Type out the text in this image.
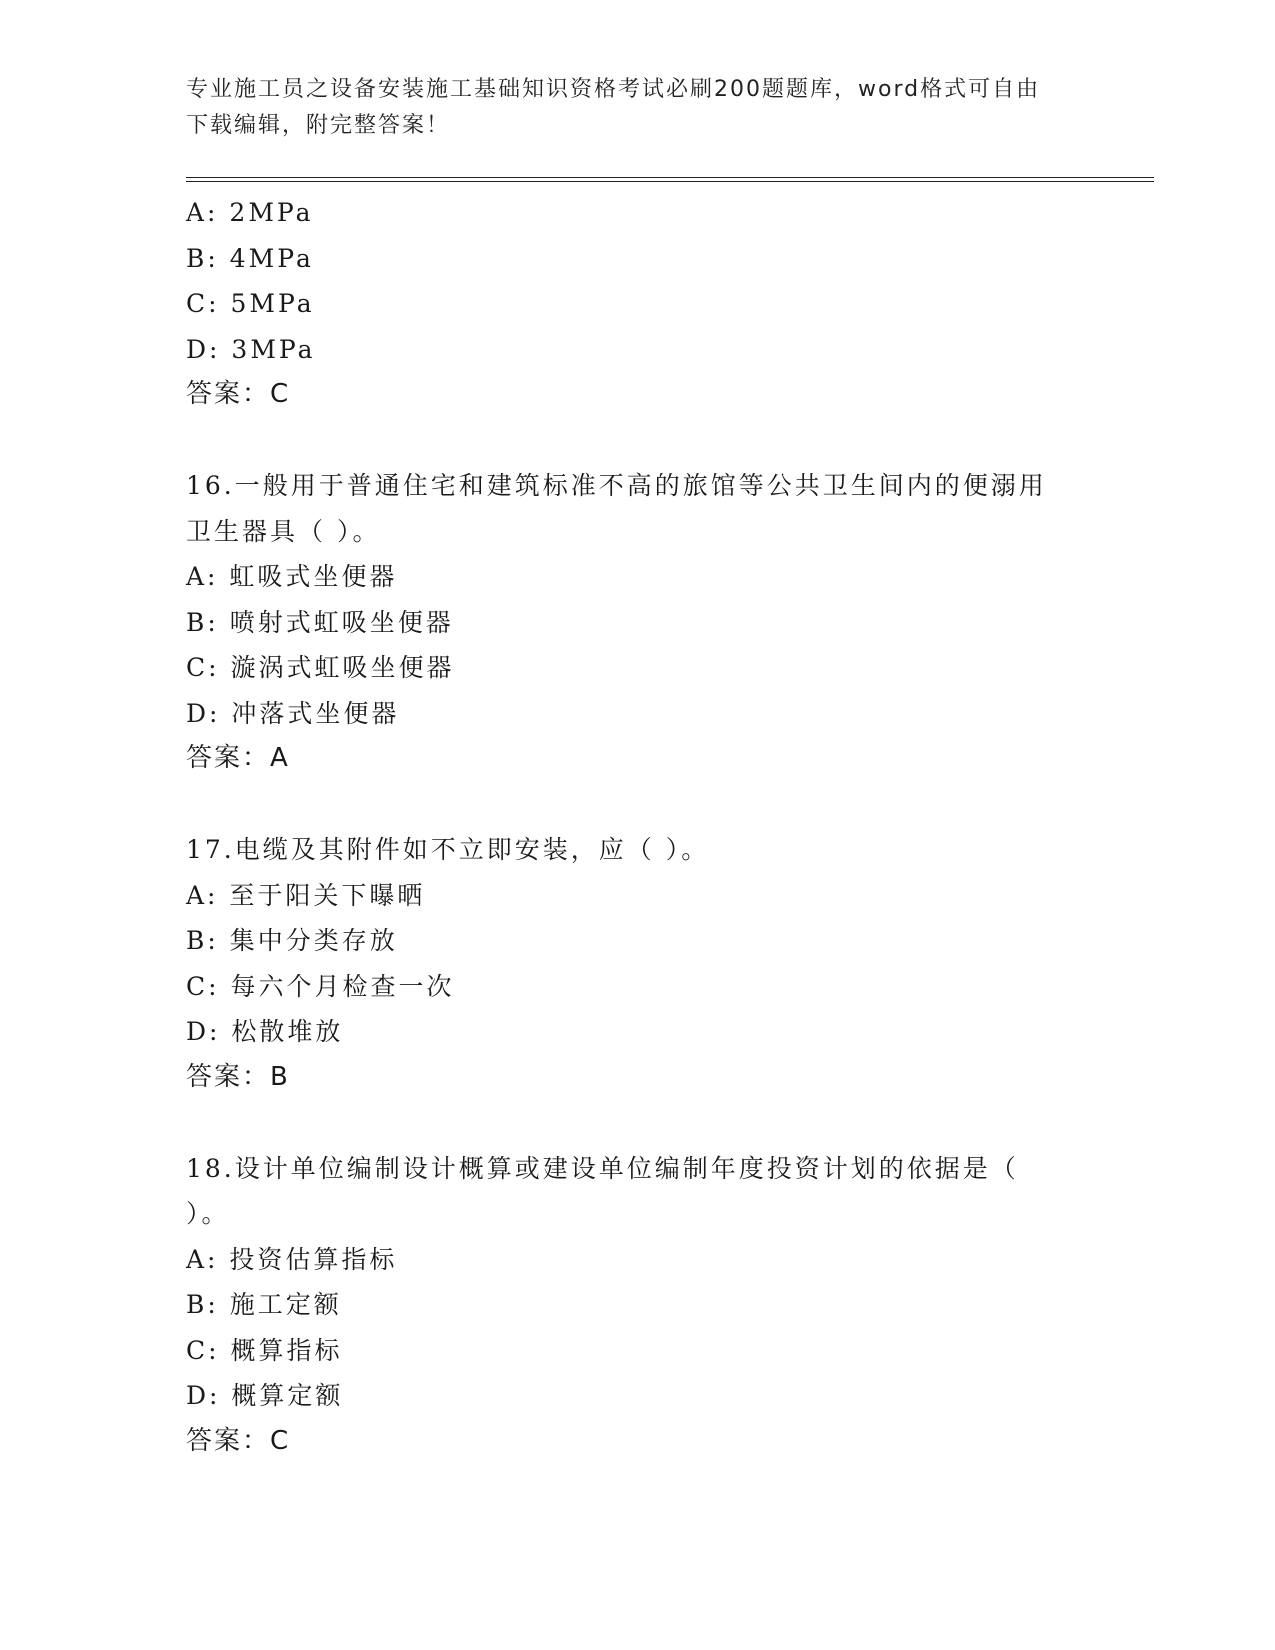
专业施工员之设备安装施工基础知识资格考试必刷200题题库，word格式可自由
下载编辑，附完整答案！
A: 2MPa
B: 4MPa
C: 5MPa
D: 3MPa
答案：C
16.一般用于普通住宅和建筑标准不高的旅馆等公共卫生间内的便溺用
卫生器具（ ）。
A: 虹吸式坐便器
B: 喷射式虹吸坐便器
C: 漩涡式虹吸坐便器
D: 冲落式坐便器
答案：A
17.电缆及其附件如不立即安装，应（ ）。
A: 至于阳关下曝晒
B: 集中分类存放
C: 每六个月检查一次
D: 松散堆放
答案：B
18.设计单位编制设计概算或建设单位编制年度投资计划的依据是（
）。
A: 投资估算指标
B: 施工定额
C: 概算指标
D: 概算定额
答案：C
